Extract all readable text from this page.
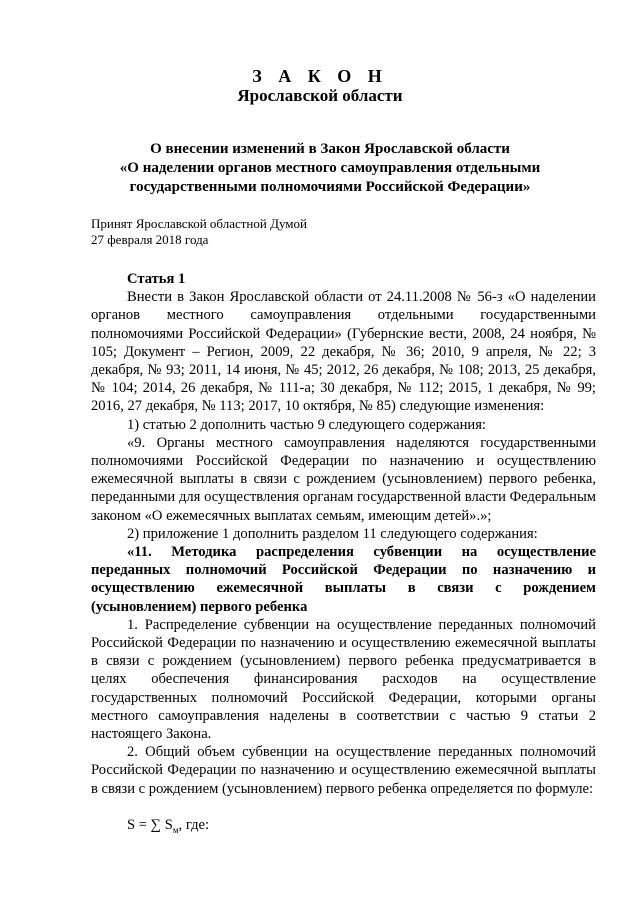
З А К О Н
Ярославской области
О внесении изменений в Закон Ярославской области
«О наделении органов местного самоуправления отдельными
государственными полномочиями Российской Федерации»
Принят Ярославской областной Думой
27 февраля 2018 года

Статья 1

Внести в Закон Ярославской области от 24.11.2008 № 56-з «О наделении органов местного самоуправления отдельными государственными полномочиями Российской Федерации» (Губернские вести, 2008, 24 ноября, № 105; Документ – Регион, 2009, 22 декабря, № 36; 2010, 9 апреля, № 22; 3 декабря, № 93; 2011, 14 июня, № 45; 2012, 26 декабря, № 108; 2013, 25 декабря, № 104; 2014, 26 декабря, № 111-а; 30 декабря, № 112; 2015, 1 декабря, № 99; 2016, 27 декабря, № 113; 2017, 10 октября, № 85) следующие изменения:

1) статью 2 дополнить частью 9 следующего содержания:

«9. Органы местного самоуправления наделяются государственными полномочиями Российской Федерации по назначению и осуществлению ежемесячной выплаты в связи с рождением (усыновлением) первого ребенка, переданными для осуществления органам государственной власти Федеральным законом «О ежемесячных выплатах семьям, имеющим детей».»;

2) приложение 1 дополнить разделом 11 следующего содержания:

«11. Методика распределения субвенции на осуществление переданных полномочий Российской Федерации по назначению и осуществлению ежемесячной выплаты в связи с рождением (усыновлением) первого ребенка

1. Распределение субвенции на осуществление переданных полномочий Российской Федерации по назначению и осуществлению ежемесячной выплаты в связи с рождением (усыновлением) первого ребенка предусматривается в целях обеспечения финансирования расходов на осуществление государственных полномочий Российской Федерации, которыми органы местного самоуправления наделены в соответствии с частью 9 статьи 2 настоящего Закона.

2. Общий объем субвенции на осуществление переданных полномочий Российской Федерации по назначению и осуществлению ежемесячной выплаты в связи с рождением (усыновлением) первого ребенка определяется по формуле:

S = ∑ $S_м$, где:
